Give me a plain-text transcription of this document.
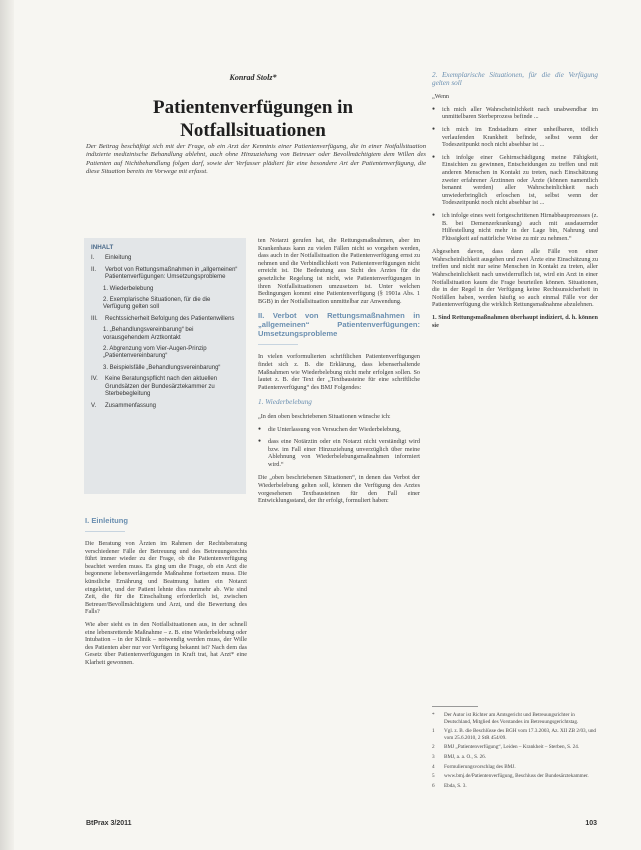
Konrad Stolz*
Patientenverfügungen in
Notfallsituationen
Der Beitrag beschäftigt sich mit der Frage, ob ein Arzt der Kenntnis einer Patientenverfügung, die in einer Notfallsituation indizierte medizinische Behandlung ablehnt, auch ohne Hinzuziehung von Betreuer oder Bevollmächtigtem dem Willen des Patienten auf Nichtbehandlung folgen darf, sowie der Verfasser plädiert für eine besondere Art der Patientenverfügung, die diese Situation bereits im Vorwege mit erfasst.
INHALT
I.	Einleitung
II.	Verbot von Rettungsmaßnahmen in „allgemeinen“ Patientenverfügungen: Umsetzungsprobleme
1. Wiederbelebung
2. Exemplarische Situationen, für die die Verfügung gelten soll
III.	Rechtssicherheit Befolgung des Patientenwillens
1. „Behandlungsvereinbarung“ bei vorausgehendem Arztkontakt
2. Abgrenzung vom Vier-Augen-Prinzip „Patientenvereinbarung“
3. Beispielsfälle „Behandlungsvereinbarung“
IV.	Keine Beratungspflicht nach den aktuellen Grundsätzen der Bundesärztekammer zu Sterbebegleitung
V.	Zusammenfassung
I. Einleitung

Die Beratung von Ärzten im Rahmen der Rechtsberatung verschiedener Fälle der Betreuung und des Betreuungsrechts führt immer wieder zu der Frage, ob die Patientenverfügung beachtet werden muss. Es ging um die Frage, ob ein Arzt die begonnene lebensverlängernde Maßnahme fortsetzen muss. Die künstliche Ernährung und Beatmung hatten ein Notarzt eingeleitet, und der Patient lehnte dies nunmehr ab. Wie sind Zeit, die für die Einschaltung erforderlich ist, zwischen Betreuer/Bevollmächtigtem und Arzt, und die Bewertung des Falls?

Wie aber sieht es in den Notfallsituationen aus, in der schnell eine lebensrettende Maßnahme – z. B. eine Wiederbelebung oder Intubation – in der Klinik – notwendig werden muss, der Wille des Patienten aber nur vor Verfügung bekannt ist? Nach dem das Gesetz über Patientenverfügungen in Kraft trat, hat Arzt* eine Klarheit gewonnen.

ten Notarzt gerufen hat, die Rettungsmaßnahmen, aber im Krankenhaus kann zu vielen Fällen nicht so vorgehen werden, dass auch in der Notfallsituation die Patientenverfügung ernst zu nehmen und die Verbindlichkeit von Patientenverfügungen nicht erreicht ist. Die Bedeutung aus Sicht des Arztes für die gesetzliche Regelung ist nicht, wie Patientenverfügungen in ihren Notfallsituationen umzusetzen ist. Unter welchen Bedingungen kommt eine Patientenverfügung (§ 1901a Abs. 1 BGB) in der Notfallsituation unmittelbar zur Anwendung.

II. Verbot von Rettungsmaßnahmen in „allgemeinen“ Patientenverfügungen: Umsetzungsprobleme

In vielen vorformulierten schriftlichen Patientenverfügungen findet sich z. B. die Erklärung, dass lebenserhaltende Maßnahmen wie Wiederbelebung nicht mehr erfolgen sollen. So lautet z. B. der Text der „Textbausteine für eine schriftliche Patientenverfügung“ des BMJ Folgendes:

1. Wiederbelebung

„In den oben beschriebenen Situationen wünsche ich:

● die Unterlassung von Versuchen der Wiederbelebung,
● dass eine Notärztin oder ein Notarzt nicht verständigt wird bzw. im Fall einer Hinzuziehung unverzüglich über meine Ablehnung von Wiederbelebungsmaßnahmen informiert wird.“

Die „oben beschriebenen Situationen“, in denen das Verbot der Wiederbelebung gelten soll, können die Verfügung des Arztes vorgesehenen Textbausteinen für den Fall einer Entwicklungsstand, der ihr erfolgt, formuliert haben:

2. Exemplarische Situationen, für die die Verfügung gelten soll

„Wenn

● ich mich aller Wahrscheinlichkeit nach unabwendbar im unmittelbaren Sterbeprozess befinde ...
● ich mich im Endstadium einer unheilbaren, tödlich verlaufenden Krankheit befinde, selbst wenn der Todeszeitpunkt noch nicht absehbar ist ...
● ich infolge einer Gehirnschädigung meine Fähigkeit, Einsichten zu gewinnen, Entscheidungen zu treffen und mit anderen Menschen in Kontakt zu treten, nach Einschätzung zweier erfahrener Ärztinnen oder Ärzte (können namentlich benannt werden) aller Wahrscheinlichkeit nach unwiederbringlich erloschen ist, selbst wenn der Todeszeitpunkt noch nicht absehbar ist ...
● ich infolge eines weit fortgeschrittenen Hirnabbauprozesses (z. B. bei Demenzerkrankung) auch mit ausdauernder Hilfestellung nicht mehr in der Lage bin, Nahrung und Flüssigkeit auf natürliche Weise zu mir zu nehmen.“

Abgesehen davon, dass dann alle Fälle von einer Wahrscheinlichkeit ausgehen und zwei Ärzte eine Einschätzung zu treffen und nicht nur seine Menschen in Kontakt zu treten, aller Wahrscheinlichkeit nach unwiderruflich ist, wird ein Arzt in einer Notfallsituation kaum die Frage beurteilen können. Situationen, die in der Regel in der Verfügung keine Rechtsunsicherheit in Notfällen haben, werden häufig so auch einmal Fälle vor der Patientenverfügung die wirklich Rettungsmaßnahme abzulehnen.

1. Sind Rettungsmaßnahmen überhaupt indiziert, d. h. können sie

*	Der Autor ist Richter am Amtsgericht und Betreuungsrichter in Deutschland, Mitglied des Vorstandes im Betreuungsgerichtstag.
1	Vgl. z. B. die Beschlüsse des BGH vom 17.3.2003, Az. XII ZB 2/03, und vom 25.6.2010, 2 StR 454/09.
2	BMJ „Patientenverfügung“, Leiden – Krankheit – Sterben, S. 24.
3	BMJ, a. a. O., S. 26.
4	Formulierungsvorschlag des BMJ.
5	www.bmj.de/Patientenverfügung, Beschluss der Bundesärztekammer.
6	Ebda, S. 3.
BtPrax 3/2011	103
